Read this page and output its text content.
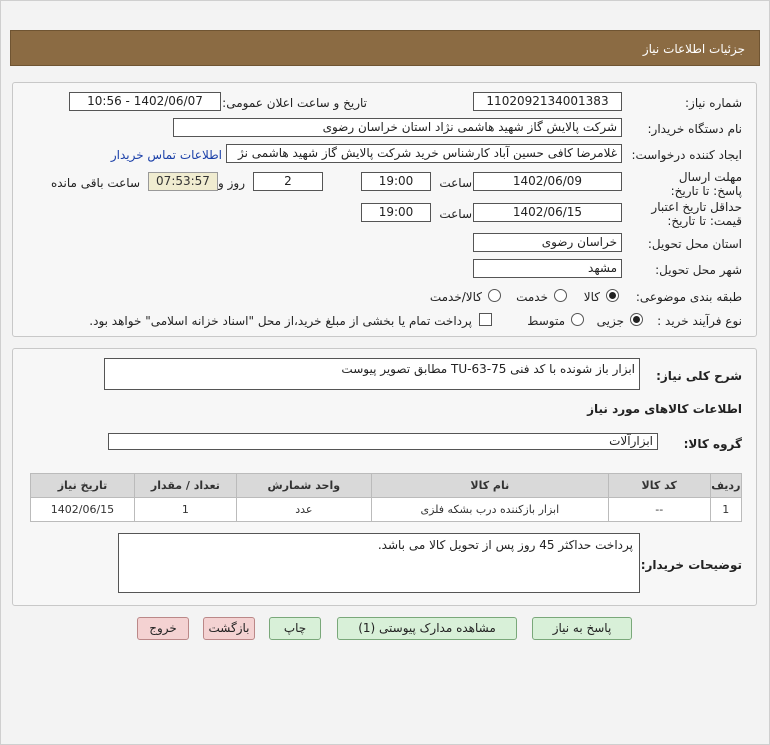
جزئیات اطلاعات نیاز
شماره نیاز:
1102092134001383
تاریخ و ساعت اعلان عمومی:
1402/06/07 - 10:56
نام دستگاه خریدار:
شرکت پالایش گاز شهید هاشمی نژاد استان خراسان رضوی
ایجاد کننده درخواست:
غلامرضا کافی حسین آباد کارشناس خرید شرکت پالایش گاز شهید هاشمی نژ
اطلاعات تماس خریدار
مهلت ارسال پاسخ: تا تاریخ:
1402/06/09
ساعت
19:00
2
روز و
07:53:57
ساعت باقی مانده
حداقل تاریخ اعتبار قیمت: تا تاریخ:
1402/06/15
ساعت
19:00
استان محل تحویل:
خراسان رضوی
شهر محل تحویل:
مشهد
طبقه بندی موضوعی:
کالا
خدمت
کالا/خدمت
نوع فرآیند خرید :
جزیی
متوسط
پرداخت تمام یا بخشی از مبلغ خرید،از محل "اسناد خزانه اسلامی" خواهد بود.
شرح کلی نیاز:
ابزار باز شونده با کد فنی TU-63-75 مطابق تصویر پیوست
اطلاعات کالاهای مورد نیاز
گروه کالا:
ابزارآلات
ردیف	کد کالا	نام کالا	واحد شمارش	تعداد / مقدار	تاریخ نیاز
1	--	ابزار بازکننده درب بشکه فلزی	عدد	1	1402/06/15
توضیحات خریدار:
پرداخت حداکثر 45 روز پس از تحویل کالا می باشد.
پاسخ به نیاز
مشاهده مدارک پیوستی (1)
چاپ
بازگشت
خروج
